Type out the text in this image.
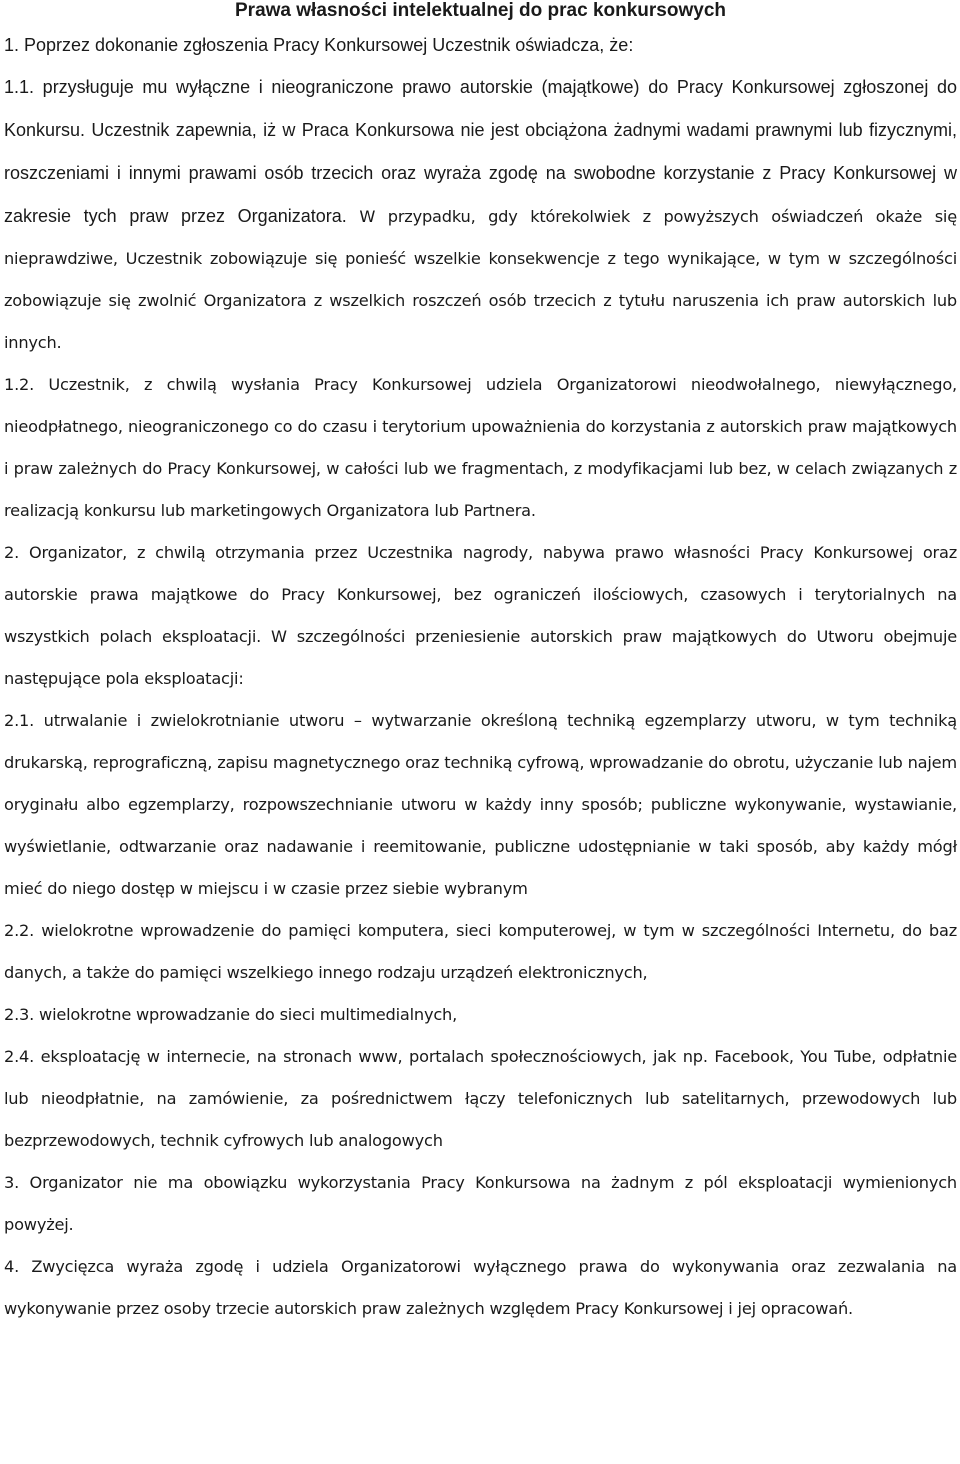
Prawa własności intelektualnej do prac konkursowych

1. Poprzez dokonanie zgłoszenia Pracy Konkursowej Uczestnik oświadcza, że:

1.1. przysługuje mu wyłączne i nieograniczone prawo autorskie (majątkowe) do Pracy Konkursowej zgłoszonej do Konkursu. Uczestnik zapewnia, iż w Praca Konkursowa nie jest obciążona żadnymi wadami prawnymi lub fizycznymi, roszczeniami i innymi prawami osób trzecich oraz wyraża zgodę na swobodne korzystanie z Pracy Konkursowej w zakresie tych praw przez Organizatora. W przypadku, gdy którekolwiek z powyższych oświadczeń okaże się nieprawdziwe, Uczestnik zobowiązuje się ponieść wszelkie konsekwencje z tego wynikające, w tym w szczególności zobowiązuje się zwolnić Organizatora z wszelkich roszczeń osób trzecich z tytułu naruszenia ich praw autorskich lub innych.

1.2. Uczestnik, z chwilą wysłania Pracy Konkursowej udziela Organizatorowi nieodwołalnego, niewyłącznego, nieodpłatnego, nieograniczonego co do czasu i terytorium upoważnienia do korzystania z autorskich praw majątkowych i praw zależnych do Pracy Konkursowej, w całości lub we fragmentach, z modyfikacjami lub bez, w celach związanych z realizacją konkursu lub marketingowych Organizatora lub Partnera.

2. Organizator, z chwilą otrzymania przez Uczestnika nagrody, nabywa prawo własności Pracy Konkursowej oraz autorskie prawa majątkowe do Pracy Konkursowej, bez ograniczeń ilościowych, czasowych i terytorialnych na wszystkich polach eksploatacji. W szczególności przeniesienie autorskich praw majątkowych do Utworu obejmuje następujące pola eksploatacji:

2.1. utrwalanie i zwielokrotnianie utworu – wytwarzanie określoną techniką egzemplarzy utworu, w tym techniką drukarską, reprograficzną, zapisu magnetycznego oraz techniką cyfrową, wprowadzanie do obrotu, użyczanie lub najem oryginału albo egzemplarzy, rozpowszechnianie utworu w każdy inny sposób; publiczne wykonywanie, wystawianie, wyświetlanie, odtwarzanie oraz nadawanie i reemitowanie, publiczne udostępnianie w taki sposób, aby każdy mógł mieć do niego dostęp w miejscu i w czasie przez siebie wybranym

2.2. wielokrotne wprowadzenie do pamięci komputera, sieci komputerowej, w tym w szczególności Internetu, do baz danych, a także do pamięci wszelkiego innego rodzaju urządzeń elektronicznych,

2.3. wielokrotne wprowadzanie do sieci multimedialnych,

2.4. eksploatację w internecie, na stronach www, portalach społecznościowych, jak np. Facebook, You Tube, odpłatnie lub nieodpłatnie, na zamówienie, za pośrednictwem łączy telefonicznych lub satelitarnych, przewodowych lub bezprzewodowych, technik cyfrowych lub analogowych

3. Organizator nie ma obowiązku wykorzystania Pracy Konkursowa na żadnym z pól eksploatacji wymienionych powyżej.

4. Zwycięzca wyraża zgodę i udziela Organizatorowi wyłącznego prawa do wykonywania oraz zezwalania na wykonywanie przez osoby trzecie autorskich praw zależnych względem Pracy Konkursowej i jej opracowań.
